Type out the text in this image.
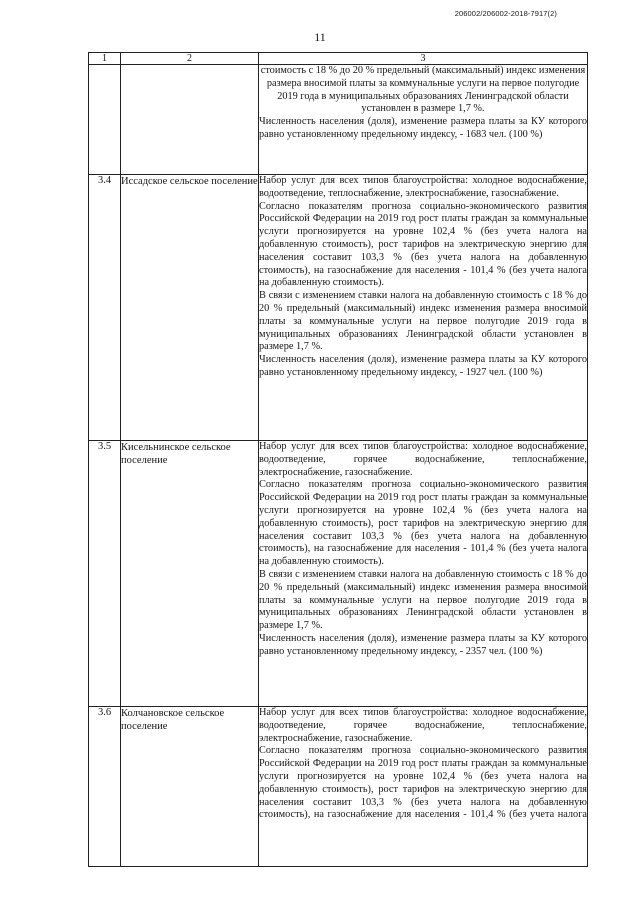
206002/206002-2018-7917(2)
11
1	2	3

		стоимость с 18 % до 20 % предельный (максимальный) индекс изменения размера вносимой платы за коммунальные услуги на первое полугодие 2019 года в муниципальных образованиях Ленинградской области установлен в размере 1,7 %.

Численность населения (доля), изменение размера платы за КУ которого равно установленному предельному индексу, - 1683 чел. (100 %)

3.4	Иссадское сельское поселение	Набор услуг для всех типов благоустройства: холодное водоснабжение, водоотведение, теплоснабжение, электроснабжение, газоснабжение.

Согласно показателям прогноза социально-экономического развития Российской Федерации на 2019 год рост платы граждан за коммунальные услуги прогнозируется на уровне 102,4 % (без учета налога на добавленную стоимость), рост тарифов на электрическую энергию для населения составит 103,3 % (без учета налога на добавленную стоимость), на газоснабжение для населения - 101,4 % (без учета налога на добавленную стоимость).

В связи с изменением ставки налога на добавленную стоимость с 18 % до 20 % предельный (максимальный) индекс изменения размера вносимой платы за коммунальные услуги на первое полугодие 2019 года в муниципальных образованиях Ленинградской области установлен в размере 1,7 %.

Численность населения (доля), изменение размера платы за КУ которого равно установленному предельному индексу, - 1927 чел. (100 %)

3.5	Кисельнинское сельское поселение	Набор услуг для всех типов благоустройства: холодное водоснабжение, водоотведение, горячее водоснабжение, теплоснабжение, электроснабжение, газоснабжение.

Согласно показателям прогноза социально-экономического развития Российской Федерации на 2019 год рост платы граждан за коммунальные услуги прогнозируется на уровне 102,4 % (без учета налога на добавленную стоимость), рост тарифов на электрическую энергию для населения составит 103,3 % (без учета налога на добавленную стоимость), на газоснабжение для населения - 101,4 % (без учета налога на добавленную стоимость).

В связи с изменением ставки налога на добавленную стоимость с 18 % до 20 % предельный (максимальный) индекс изменения размера вносимой платы за коммунальные услуги на первое полугодие 2019 года в муниципальных образованиях Ленинградской области установлен в размере 1,7 %.

Численность населения (доля), изменение размера платы за КУ которого равно установленному предельному индексу, - 2357 чел. (100 %)

3.6	Колчановское сельское поселение	Набор услуг для всех типов благоустройства: холодное водоснабжение, водоотведение, горячее водоснабжение, теплоснабжение, электроснабжение, газоснабжение.

Согласно показателям прогноза социально-экономического развития Российской Федерации на 2019 год рост платы граждан за коммунальные услуги прогнозируется на уровне 102,4 % (без учета налога на добавленную стоимость), рост тарифов на электрическую энергию для населения составит 103,3 % (без учета налога на добавленную стоимость), на газоснабжение для населения - 101,4 % (без учета налога
